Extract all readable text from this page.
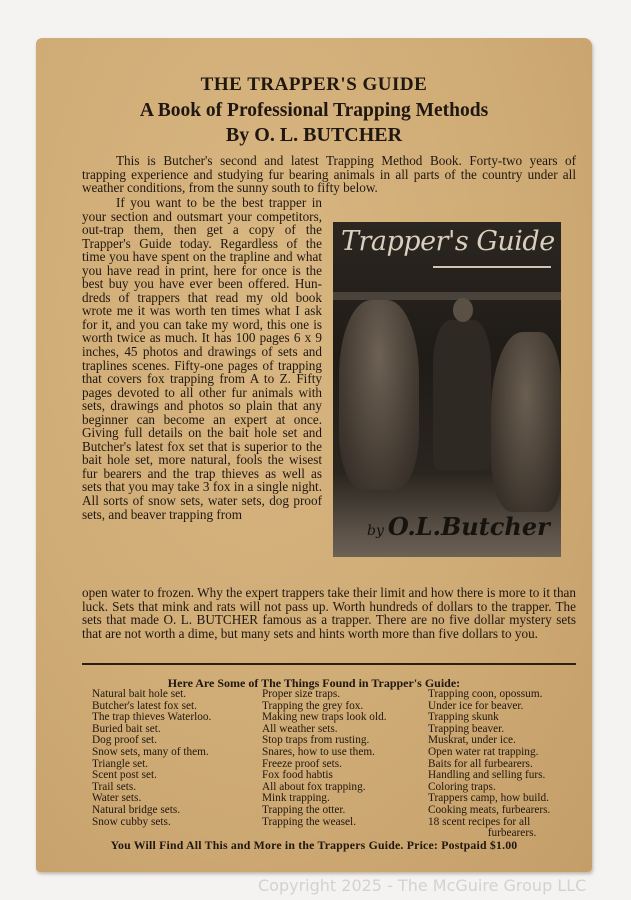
THE TRAPPER'S GUIDE
A Book of Professional Trapping Methods
By O. L. BUTCHER
This is Butcher's second and latest Trapping Method Book. Forty-two years of trapping experience and studying fur bearing animals in all parts of the country under all weather conditions, from the sunny south to fifty below.
If you want to be the best trapper in your section and outsmart your competitors, out-trap them, then get a copy of the Trapper's Guide today. Regardless of the time you have spent on the trapline and what you have read in print, here for once is the best buy you have ever been offered. Hundreds of trappers that read my old book wrote me it was worth ten times what I ask for it, and you can take my word, this one is worth twice as much. It has 100 pages 6 x 9 inches, 45 photos and drawings of sets and traplines scenes. Fifty-one pages of trapping that covers fox trapping from A to Z. Fifty pages devoted to all other fur animals with sets, drawings and photos so plain that any beginner can become an expert at once. Giving full details on the bait hole set and Butcher's latest fox set that is superior to the bait hole set, more natural, fools the wisest fur bearers and the trap thieves as well as sets that you may take 3 fox in a single night. All sorts of snow sets, water sets, dog proof sets, and beaver trapping from
Trapper's Guide
by O.L.Butcher
open water to frozen. Why the expert trappers take their limit and how there is more to it than luck. Sets that mink and rats will not pass up. Worth hundreds of dollars to the trapper. The sets that made O. L. BUTCHER famous as a trapper. There are no five dollar mystery sets that are not worth a dime, but many sets and hints worth more than five dollars to you.
Here Are Some of The Things Found in Trapper's Guide:
Natural bait hole set.
Butcher's latest fox set.
The trap thieves Waterloo.
Buried bait set.
Dog proof set.
Snow sets, many of them.
Triangle set.
Scent post set.
Trail sets.
Water sets.
Natural bridge sets.
Snow cubby sets.
Proper size traps.
Trapping the grey fox.
Making new traps look old.
All weather sets.
Stop traps from rusting.
Snares, how to use them.
Freeze proof sets.
Fox food habtis
All about fox trapping.
Mink trapping.
Trapping the otter.
Trapping the weasel.
Trapping coon, opossum.
Under ice for beaver.
Trapping skunk
Trapping beaver.
Muskrat, under ice.
Open water rat trapping.
Baits for all furbearers.
Handling and selling furs.
Coloring traps.
Trappers camp, how build.
Cooking meats, furbearers.
18 scent recipes for all
furbearers.
You Will Find All This and More in the Trappers Guide. Price: Postpaid $1.00
Copyright 2025 - The McGuire Group LLC
